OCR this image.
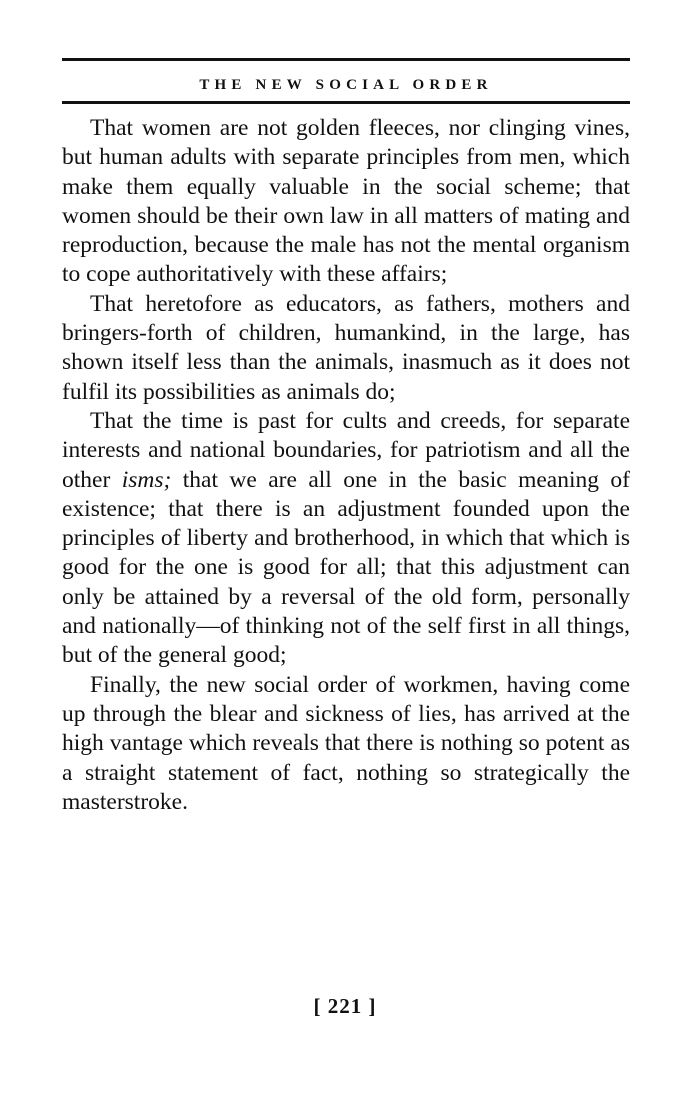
THE NEW SOCIAL ORDER

That women are not golden fleeces, nor clinging vines, but human adults with separate principles from men, which make them equally valuable in the social scheme; that women should be their own law in all matters of mating and reproduction, because the male has not the mental organism to cope authoritatively with these affairs;

That heretofore as educators, as fathers, mothers and bringers-forth of children, humankind, in the large, has shown itself less than the animals, inasmuch as it does not fulfil its possibilities as animals do;

That the time is past for cults and creeds, for separate interests and national boundaries, for patriotism and all the other isms; that we are all one in the basic meaning of existence; that there is an adjustment founded upon the principles of liberty and brotherhood, in which that which is good for the one is good for all; that this adjustment can only be attained by a reversal of the old form, personally and nationally—of thinking not of the self first in all things, but of the general good;

Finally, the new social order of workmen, having come up through the blear and sickness of lies, has arrived at the high vantage which reveals that there is nothing so potent as a straight statement of fact, nothing so strategically the masterstroke.

[ 221 ]
